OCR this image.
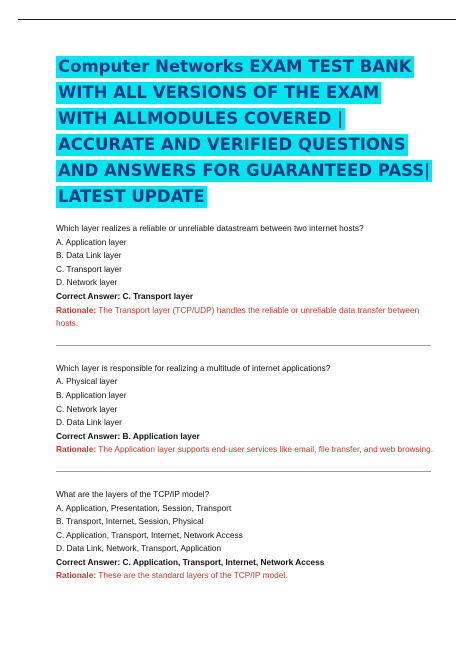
Computer Networks EXAM TEST BANK WITH ALL VERSIONS OF THE EXAM WITH ALLMODULES COVERED | ACCURATE AND VERIFIED QUESTIONS AND ANSWERS FOR GUARANTEED PASS| LATEST UPDATE

Which layer realizes a reliable or unreliable datastream between two internet hosts?

A. Application layer

B. Data Link layer

C. Transport layer

D. Network layer

Correct Answer: C. Transport layer

Rationale: The Transport layer (TCP/UDP) handles the reliable or unreliable data transfer between hosts.

Which layer is responsible for realizing a multitude of internet applications?

A. Physical layer

B. Application layer

C. Network layer

D. Data Link layer

Correct Answer: B. Application layer

Rationale: The Application layer supports end-user services like email, file transfer, and web browsing.

What are the layers of the TCP/IP model?

A. Application, Presentation, Session, Transport

B. Transport, Internet, Session, Physical

C. Application, Transport, Internet, Network Access

D. Data Link, Network, Transport, Application

Correct Answer: C. Application, Transport, Internet, Network Access

Rationale: These are the standard layers of the TCP/IP model.
